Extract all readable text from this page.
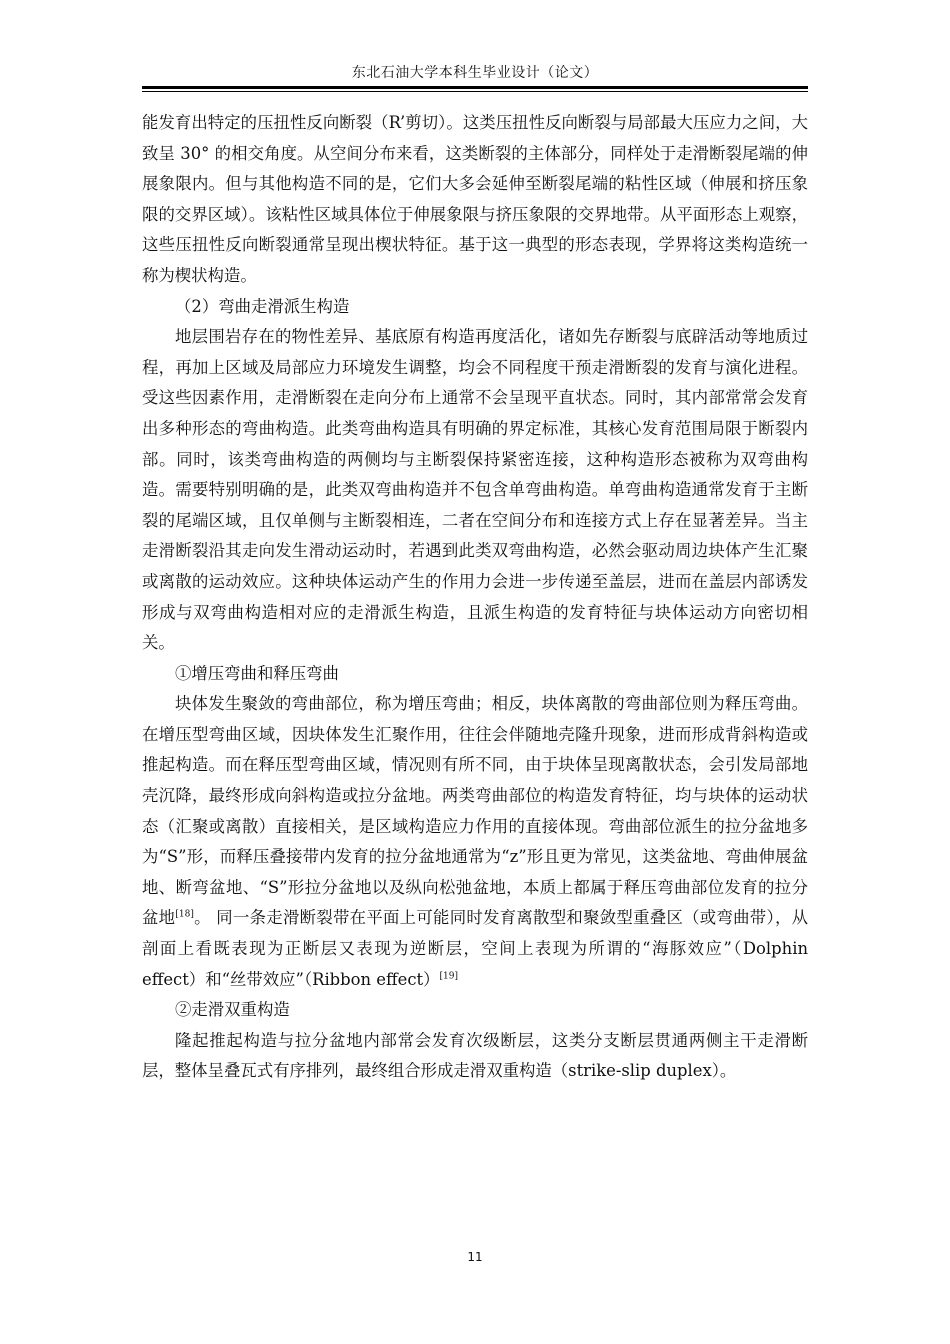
东北石油大学本科生毕业设计（论文）

能发育出特定的压扭性反向断裂（R’剪切）。这类压扭性反向断裂与局部最大压应力之间，大致呈 30° 的相交角度。从空间分布来看，这类断裂的主体部分，同样处于走滑断裂尾端的伸展象限内。但与其他构造不同的是，它们大多会延伸至断裂尾端的粘性区域（伸展和挤压象限的交界区域）。该粘性区域具体位于伸展象限与挤压象限的交界地带。从平面形态上观察，这些压扭性反向断裂通常呈现出楔状特征。基于这一典型的形态表现，学界将这类构造统一称为楔状构造。

（2）弯曲走滑派生构造

地层围岩存在的物性差异、基底原有构造再度活化，诸如先存断裂与底辟活动等地质过程，再加上区域及局部应力环境发生调整，均会不同程度干预走滑断裂的发育与演化进程。受这些因素作用，走滑断裂在走向分布上通常不会呈现平直状态。同时，其内部常常会发育出多种形态的弯曲构造。此类弯曲构造具有明确的界定标准，其核心发育范围局限于断裂内部。同时，该类弯曲构造的两侧均与主断裂保持紧密连接，这种构造形态被称为双弯曲构造。需要特别明确的是，此类双弯曲构造并不包含单弯曲构造。单弯曲构造通常发育于主断裂的尾端区域，且仅单侧与主断裂相连，二者在空间分布和连接方式上存在显著差异。当主走滑断裂沿其走向发生滑动运动时，若遇到此类双弯曲构造，必然会驱动周边块体产生汇聚或离散的运动效应。这种块体运动产生的作用力会进一步传递至盖层，进而在盖层内部诱发形成与双弯曲构造相对应的走滑派生构造，且派生构造的发育特征与块体运动方向密切相关。

①增压弯曲和释压弯曲

块体发生聚敛的弯曲部位，称为增压弯曲；相反，块体离散的弯曲部位则为释压弯曲。在增压型弯曲区域，因块体发生汇聚作用，往往会伴随地壳隆升现象，进而形成背斜构造或推起构造。而在释压型弯曲区域，情况则有所不同，由于块体呈现离散状态，会引发局部地壳沉降，最终形成向斜构造或拉分盆地。两类弯曲部位的构造发育特征，均与块体的运动状态（汇聚或离散）直接相关，是区域构造应力作用的直接体现。弯曲部位派生的拉分盆地多为“S”形，而释压叠接带内发育的拉分盆地通常为“z”形且更为常见，这类盆地、弯曲伸展盆地、断弯盆地、“S”形拉分盆地以及纵向松弛盆地，本质上都属于释压弯曲部位发育的拉分盆地[18]。 同一条走滑断裂带在平面上可能同时发育离散型和聚敛型重叠区（或弯曲带），从剖面上看既表现为正断层又表现为逆断层，空间上表现为所谓的“海豚效应”（Dolphin effect）和“丝带效应”（Ribbon effect）[19]

②走滑双重构造

隆起推起构造与拉分盆地内部常会发育次级断层，这类分支断层贯通两侧主干走滑断层，整体呈叠瓦式有序排列，最终组合形成走滑双重构造（strike-slip duplex）。

11
